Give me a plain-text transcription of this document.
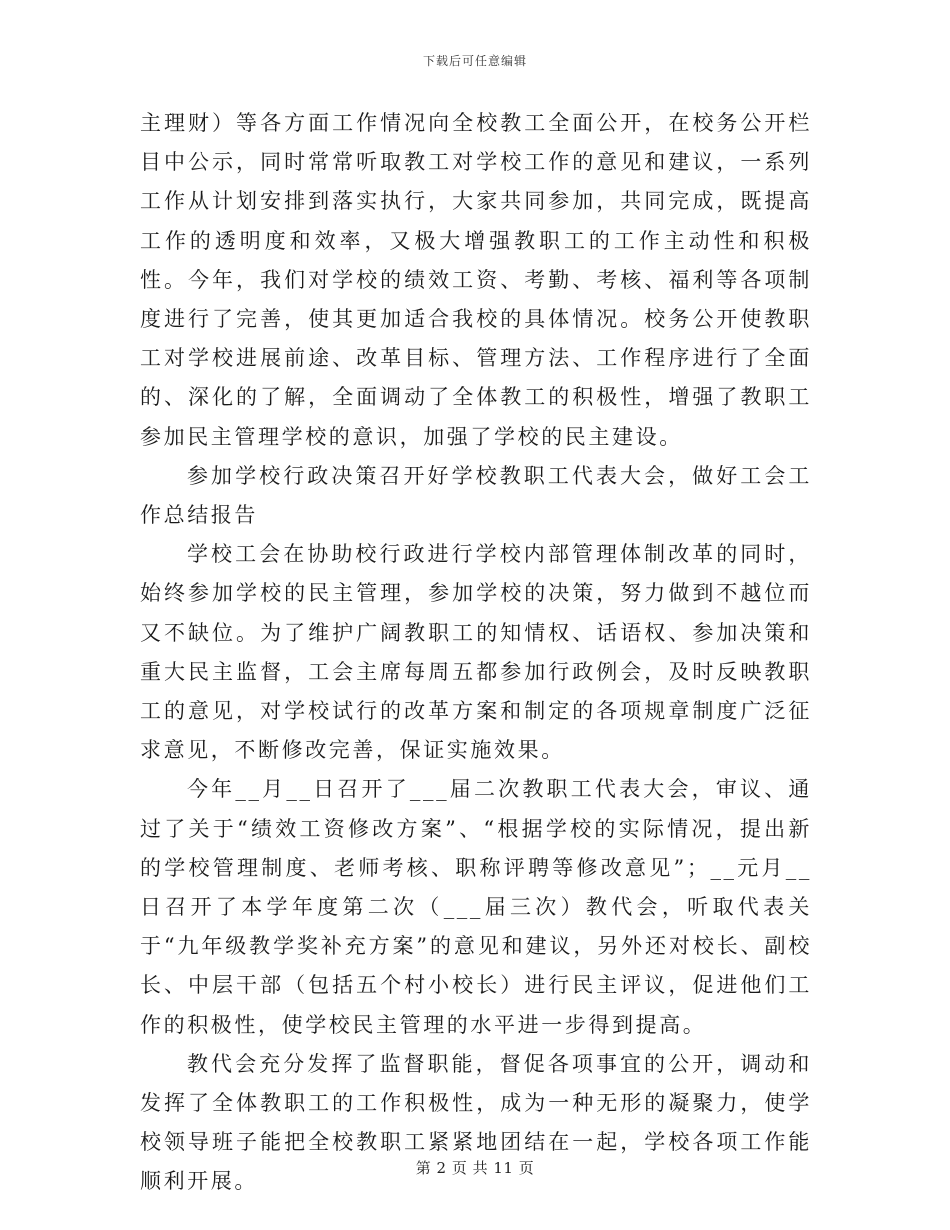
下载后可任意编辑

主理财）等各方面工作情况向全校教工全面公开，在校务公开栏目中公示，同时常常听取教工对学校工作的意见和建议，一系列工作从计划安排到落实执行，大家共同参加，共同完成，既提高工作的透明度和效率，又极大增强教职工的工作主动性和积极性。今年，我们对学校的绩效工资、考勤、考核、福利等各项制度进行了完善，使其更加适合我校的具体情况。校务公开使教职工对学校进展前途、改革目标、管理方法、工作程序进行了全面的、深化的了解，全面调动了全体教工的积极性，增强了教职工参加民主管理学校的意识，加强了学校的民主建设。

参加学校行政决策召开好学校教职工代表大会，做好工会工作总结报告

学校工会在协助校行政进行学校内部管理体制改革的同时，始终参加学校的民主管理，参加学校的决策，努力做到不越位而又不缺位。为了维护广阔教职工的知情权、话语权、参加决策和重大民主监督，工会主席每周五都参加行政例会，及时反映教职工的意见，对学校试行的改革方案和制定的各项规章制度广泛征求意见，不断修改完善，保证实施效果。

今年__月__日召开了___届二次教职工代表大会，审议、通过了关于“绩效工资修改方案”、“根据学校的实际情况，提出新的学校管理制度、老师考核、职称评聘等修改意见”；__元月__日召开了本学年度第二次（___届三次）教代会，听取代表关于“九年级教学奖补充方案”的意见和建议，另外还对校长、副校长、中层干部（包括五个村小校长）进行民主评议，促进他们工作的积极性，使学校民主管理的水平进一步得到提高。

教代会充分发挥了监督职能，督促各项事宜的公开，调动和发挥了全体教职工的工作积极性，成为一种无形的凝聚力，使学校领导班子能把全校教职工紧紧地团结在一起，学校各项工作能顺利开展。

第 2 页 共 11 页
